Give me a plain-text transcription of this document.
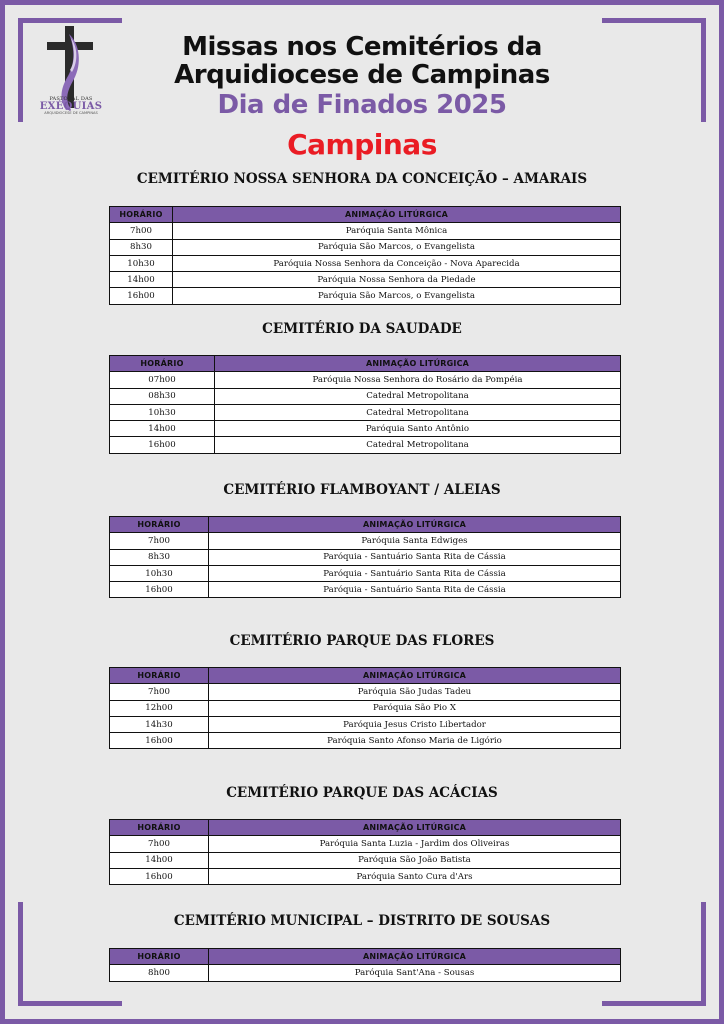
PASTORAL DAS
EXÉQUIAS
ARQUIDIOCESE DE CAMPINAS
Missas nos Cemitérios da
Arquidiocese de Campinas
Dia de Finados 2025
Campinas
CEMITÉRIO NOSSA SENHORA DA CONCEIÇÃO – AMARAIS
HORÁRIO	ANIMAÇÃO LITÚRGICA
7h00	Paróquia Santa Mônica
8h30	Paróquia São Marcos, o Evangelista
10h30	Paróquia Nossa Senhora da Conceição - Nova Aparecida
14h00	Paróquia Nossa Senhora da Piedade
16h00	Paróquia São Marcos, o Evangelista
CEMITÉRIO DA SAUDADE
HORÁRIO	ANIMAÇÃO LITÚRGICA
07h00	Paróquia Nossa Senhora do Rosário da Pompéia
08h30	Catedral Metropolitana
10h30	Catedral Metropolitana
14h00	Paróquia Santo Antônio
16h00	Catedral Metropolitana
CEMITÉRIO FLAMBOYANT / ALEIAS
HORÁRIO	ANIMAÇÃO LITÚRGICA
7h00	Paróquia Santa Edwiges
8h30	Paróquia - Santuário Santa Rita de Cássia
10h30	Paróquia - Santuário Santa Rita de Cássia
16h00	Paróquia - Santuário Santa Rita de Cássia
CEMITÉRIO PARQUE DAS FLORES
HORÁRIO	ANIMAÇÃO LITÚRGICA
7h00	Paróquia São Judas Tadeu
12h00	Paróquia São Pio X
14h30	Paróquia Jesus Cristo Libertador
16h00	Paróquia Santo Afonso Maria de Ligório
CEMITÉRIO PARQUE DAS ACÁCIAS
HORÁRIO	ANIMAÇÃO LITÚRGICA
7h00	Paróquia Santa Luzia - Jardim dos Oliveiras
14h00	Paróquia São João Batista
16h00	Paróquia Santo Cura d'Ars
CEMITÉRIO MUNICIPAL – DISTRITO DE SOUSAS
HORÁRIO	ANIMAÇÃO LITÚRGICA
8h00	Paróquia Sant'Ana - Sousas
